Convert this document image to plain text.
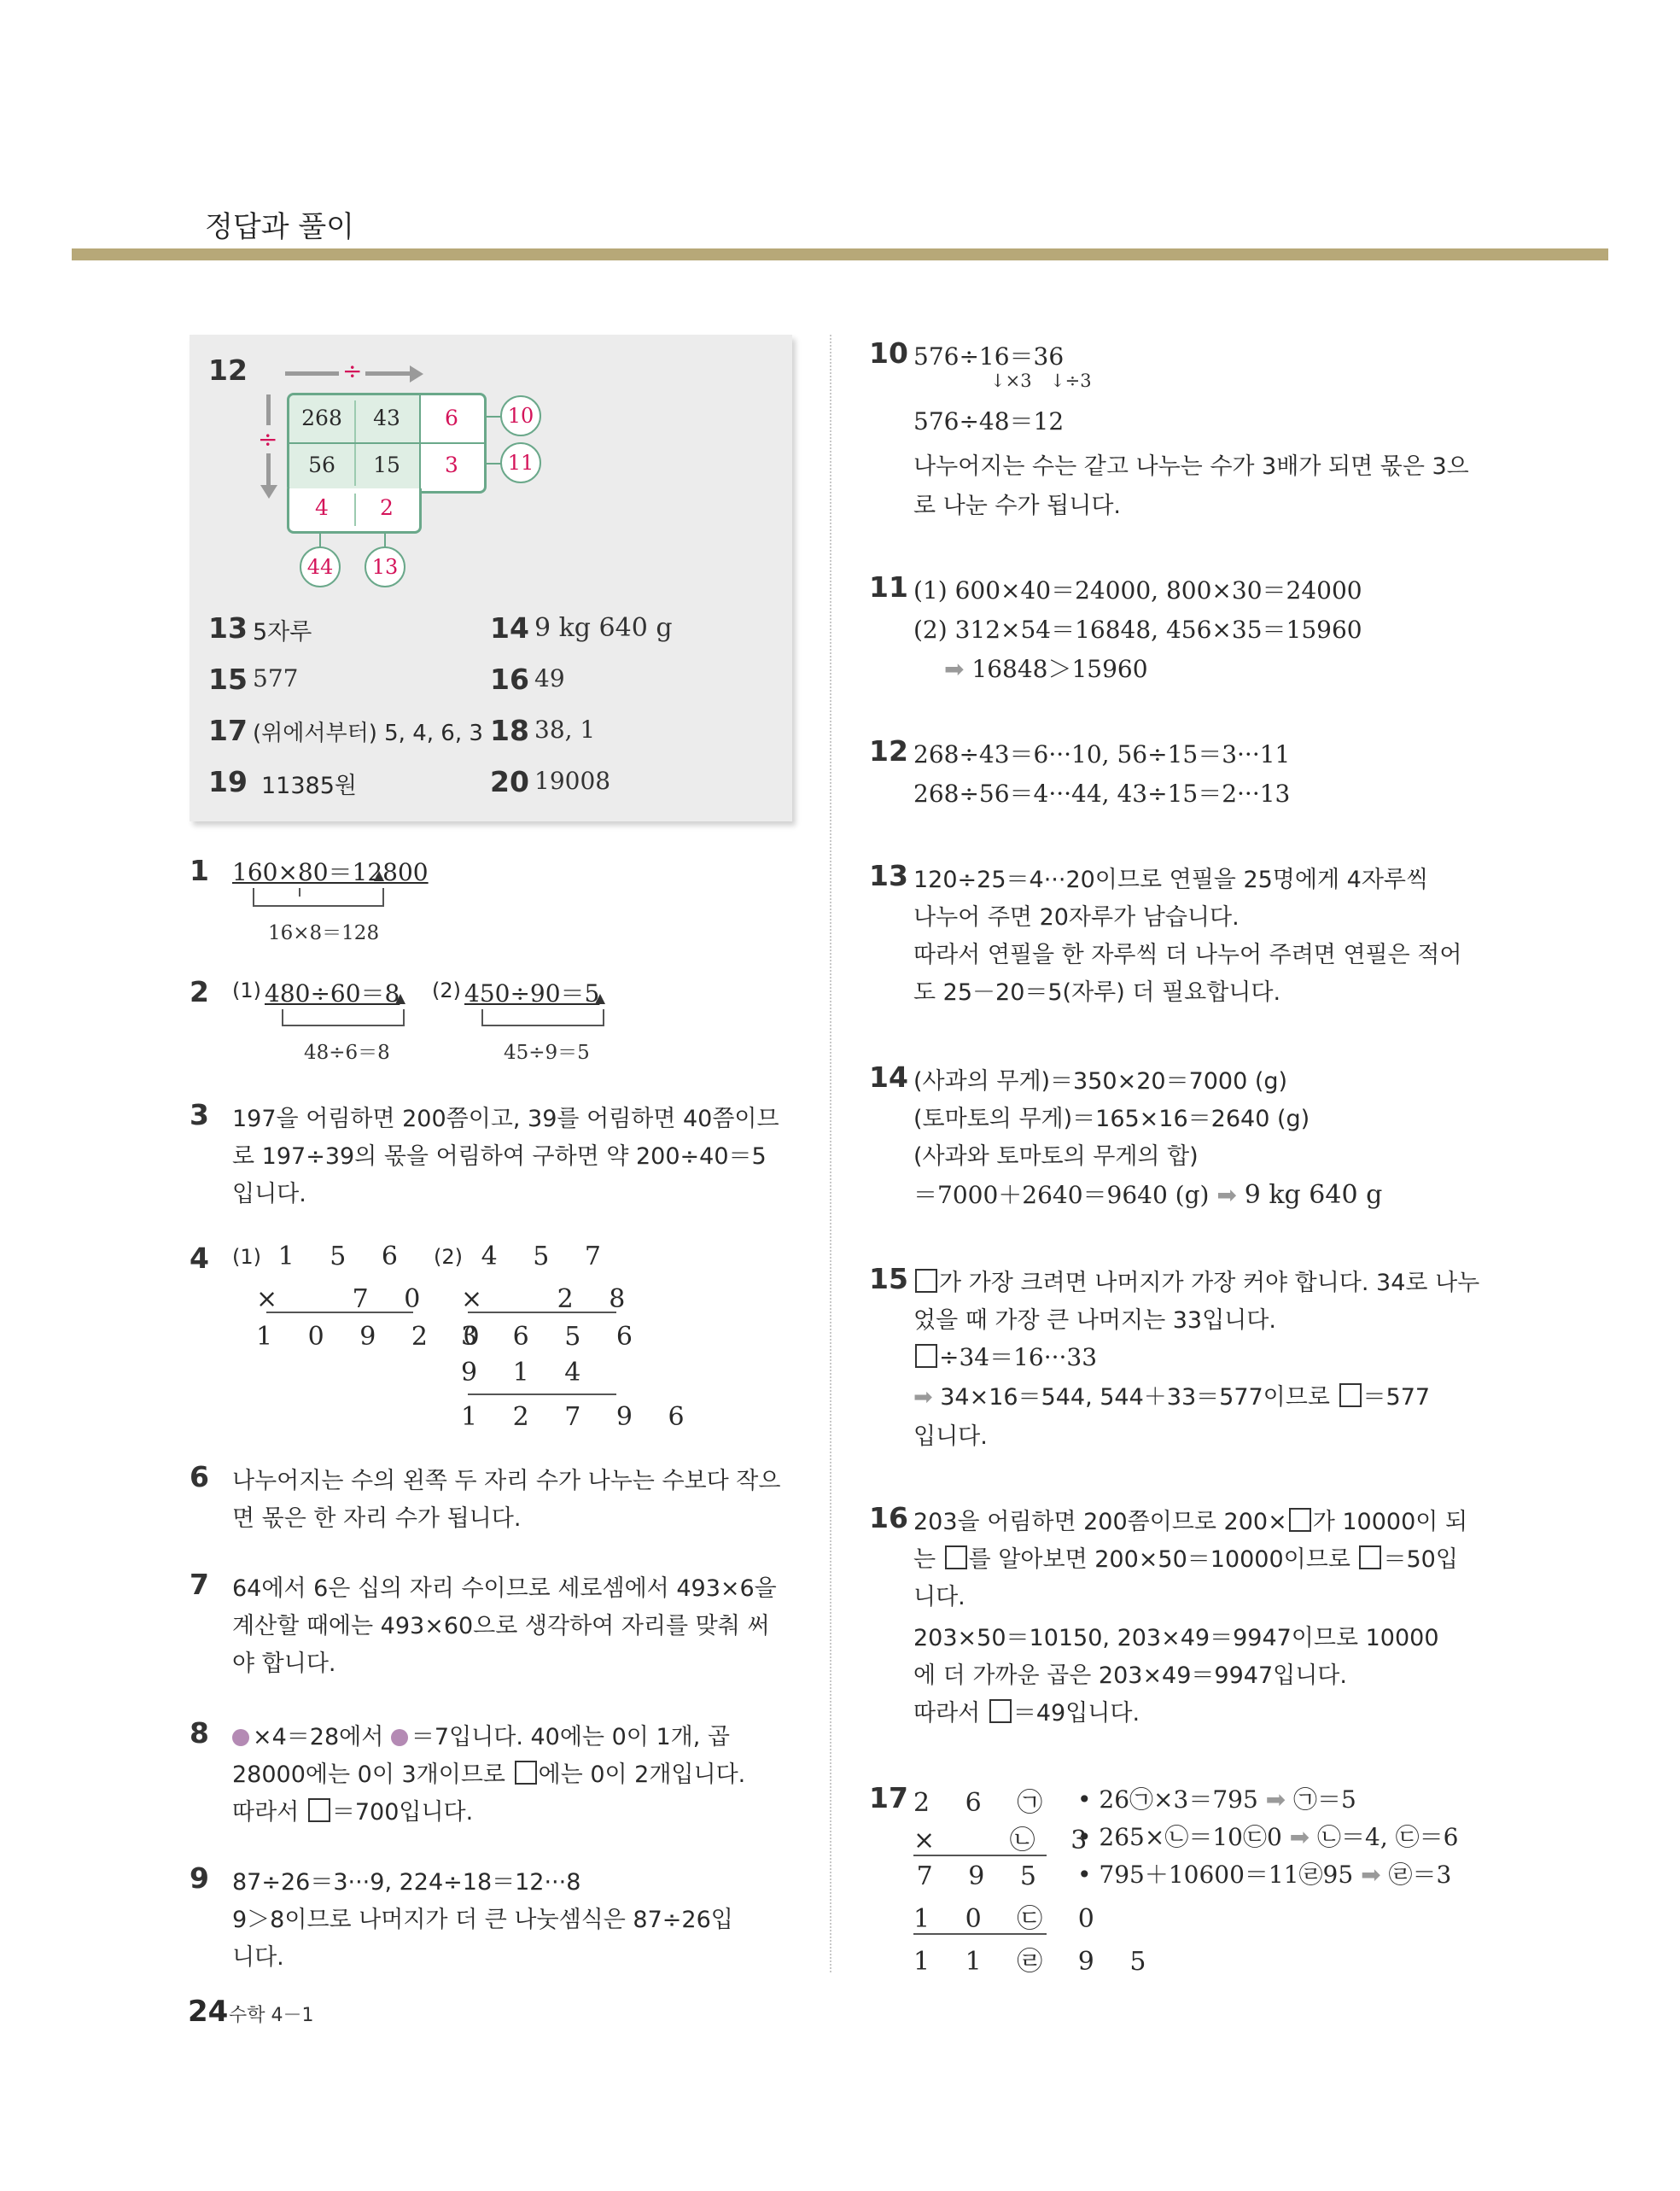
정답과 풀이
12	÷
÷
268	43	6
56	15	3
4	2
10
11
44	13
13 5자루	14 9 kg 640 g
15 577	16 49
17 (위에서부터) 5, 4, 6, 3 18 38, 1
19 11385원	20 19008
1 160×80＝12800
16×8＝128
2 (1) 480÷60＝8
48÷6＝8
(2) 450÷90＝5
45÷9＝5
3 197을 어림하면 200쯤이고, 39를 어림하면 40쯤이므
로 197÷39의 몫을 어림하여 구하면 약 200÷40＝5
입니다.
4 (1) 1 5 6
× 　7 0
1 0 9 2 0
(2) 4 5 7
× 　2 8
3 6 5 6
9 1 4
1 2 7 9 6
6 나누어지는 수의 왼쪽 두 자리 수가 나누는 수보다 작으
면 몫은 한 자리 수가 됩니다.
7 64에서 6은 십의 자리 수이므로 세로셈에서 493×6을
계산할 때에는 493×60으로 생각하여 자리를 맞춰 써
야 합니다.
8	×4＝28에서 ＝7입니다. 40에는 0이 1개, 곱
28000에는 0이 3개이므로 에는 0이 2개입니다.
따라서 ＝700입니다.
9 87÷26＝3···9, 224÷18＝12···8
9＞8이므로 나머지가 더 큰 나눗셈식은 87÷26입
니다.
10 576÷16＝36
↓×3 ↓÷3
576÷48＝12
나누어지는 수는 같고 나누는 수가 3배가 되면 몫은 3으
로 나눈 수가 됩니다.
11 (1) 600×40＝24000, 800×30＝24000
(2) 312×54＝16848, 456×35＝15960
➡ 16848＞15960
12 268÷43＝6···10, 56÷15＝3···11
268÷56＝4···44, 43÷15＝2···13
13 120÷25＝4···20이므로 연필을 25명에게 4자루씩
나누어 주면 20자루가 남습니다.
따라서 연필을 한 자루씩 더 나누어 주려면 연필은 적어
도 25－20＝5(자루) 더 필요합니다.
14 (사과의 무게)＝350×20＝7000 (g)
(토마토의 무게)＝165×16＝2640 (g)
(사과와 토마토의 무게의 합)
＝7000＋2640＝9640 (g) ➡ 9 kg 640 g
15	가 가장 크려면 나머지가 가장 커야 합니다. 34로 나누
었을 때 가장 큰 나머지는 33입니다.
÷34＝16···33
➡ 34×16＝544, 544＋33＝577이므로 ＝577
입니다.
16 203을 어림하면 200쯤이므로 200× 가 10000이 되
는 를 알아보면 200×50＝10000이므로 ＝50입
니다.
203×50＝10150, 203×49＝9947이므로 10000
에 더 가까운 곱은 203×49＝9947입니다.
따라서 ＝49입니다.
17 2 6 ㉠
× 　㉡ 3
7 9 5
1 0 ㉢ 0
1 1 ㉣ 9 5
• 26㉠×3＝795 ➡ ㉠＝5
• 265×㉡＝10㉢0 ➡ ㉡＝4, ㉢＝6
• 795＋10600＝11㉣95 ➡ ㉣＝3
24 수학 4－1
